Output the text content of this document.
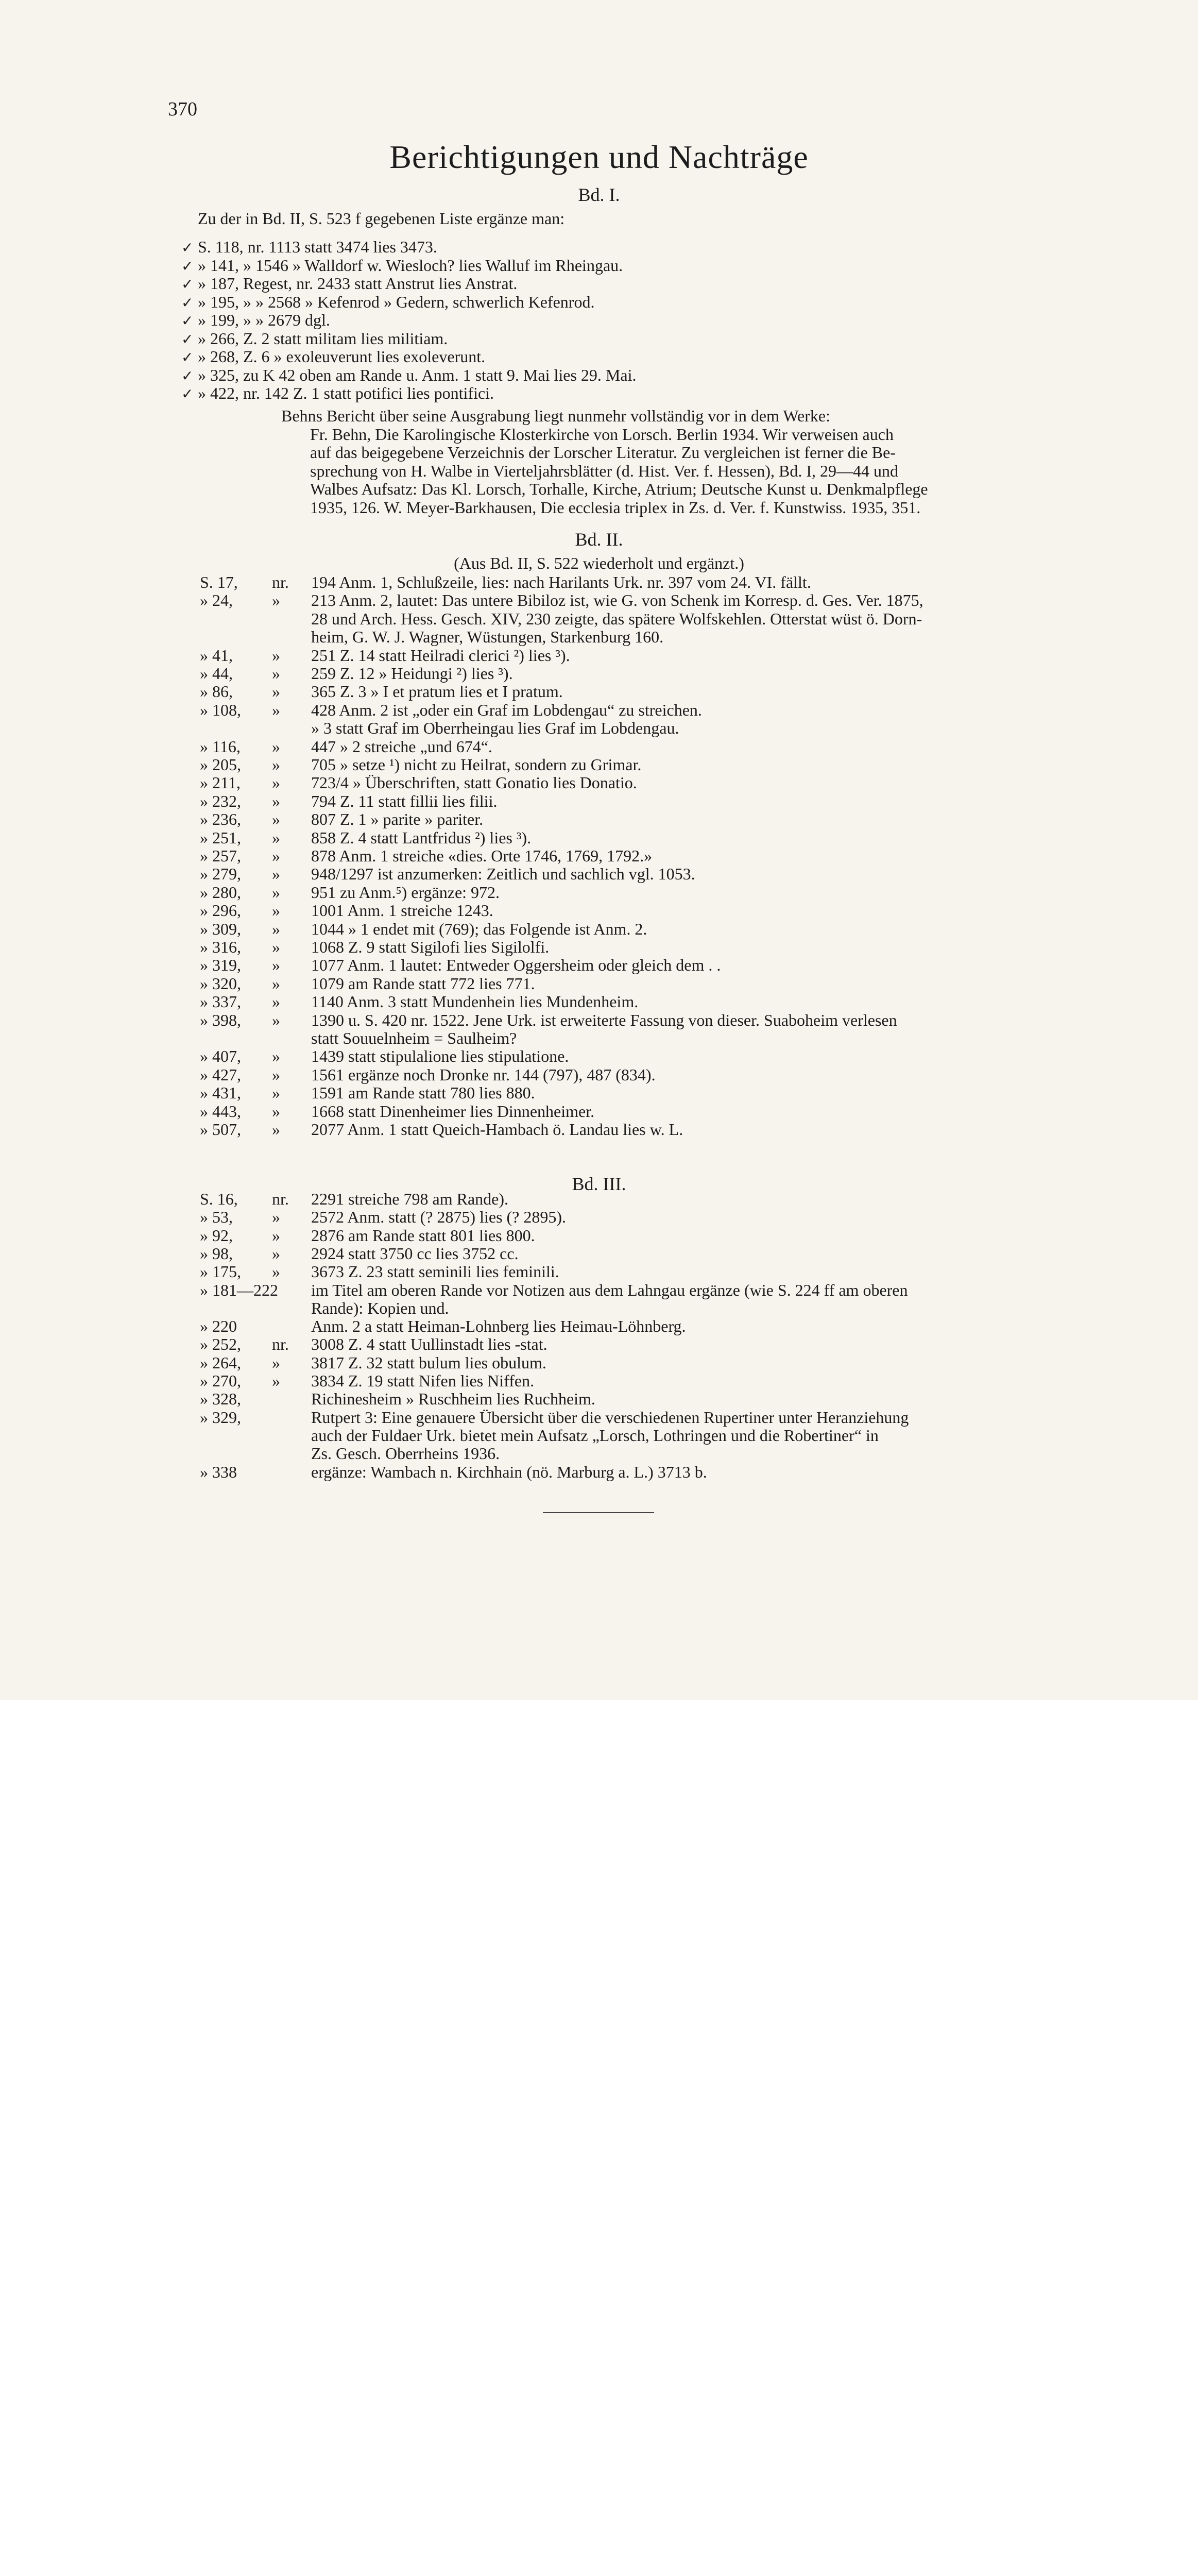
370
Berichtigungen und Nachträge
Bd. I.
Zu der in Bd. II, S. 523 f gegebenen Liste ergänze man:
✓ S. 118, nr. 1113 statt 3474 lies 3473.
✓ » 141, » 1546 » Walldorf w. Wiesloch? lies Walluf im Rheingau.
✓ » 187, Regest, nr. 2433 statt Anstrut lies Anstrat.
✓ » 195, » » 2568 » Kefenrod » Gedern, schwerlich Kefenrod.
✓ » 199, » » 2679 dgl.
✓ » 266, Z. 2 statt militam lies militiam.
✓ » 268, Z. 6 » exoleuverunt lies exoleverunt.
✓ » 325, zu K 42 oben am Rande u. Anm. 1 statt 9. Mai lies 29. Mai.
✓ » 422, nr. 142 Z. 1 statt potifici lies pontifici.
Behns Bericht über seine Ausgrabung liegt nunmehr vollständig vor in dem Werke:
Fr. Behn, Die Karolingische Klosterkirche von Lorsch. Berlin 1934. Wir verweisen auch
auf das beigegebene Verzeichnis der Lorscher Literatur. Zu vergleichen ist ferner die Be-
sprechung von H. Walbe in Vierteljahrsblätter (d. Hist. Ver. f. Hessen), Bd. I, 29—44 und
Walbes Aufsatz: Das Kl. Lorsch, Torhalle, Kirche, Atrium; Deutsche Kunst u. Denkmalpflege
1935, 126. W. Meyer-Barkhausen, Die ecclesia triplex in Zs. d. Ver. f. Kunstwiss. 1935, 351.
Bd. II.
(Aus Bd. II, S. 522 wiederholt und ergänzt.)
S. 17, nr. 194 Anm. 1, Schlußzeile, lies: nach Harilants Urk. nr. 397 vom 24. VI. fällt.
» 24, » 213 Anm. 2, lautet: Das untere Bibiloz ist, wie G. von Schenk im Korresp. d. Ges. Ver. 1875,
28 und Arch. Hess. Gesch. XIV, 230 zeigte, das spätere Wolfskehlen. Otterstat wüst ö. Dorn-
heim, G. W. J. Wagner, Wüstungen, Starkenburg 160.
» 41, » 251 Z. 14 statt Heilradi clerici ²) lies ³).
» 44, » 259 Z. 12 » Heidungi ²) lies ³).
» 86, » 365 Z. 3 » I et pratum lies et I pratum.
» 108, » 428 Anm. 2 ist „oder ein Graf im Lobdengau“ zu streichen.
» 3 statt Graf im Oberrheingau lies Graf im Lobdengau.
» 116, » 447 » 2 streiche „und 674“.
» 205, » 705 » setze ¹) nicht zu Heilrat, sondern zu Grimar.
» 211, » 723/4 » Überschriften, statt Gonatio lies Donatio.
» 232, » 794 Z. 11 statt fillii lies filii.
» 236, » 807 Z. 1 » parite » pariter.
» 251, » 858 Z. 4 statt Lantfridus ²) lies ³).
» 257, » 878 Anm. 1 streiche «dies. Orte 1746, 1769, 1792.»
» 279, » 948/1297 ist anzumerken: Zeitlich und sachlich vgl. 1053.
» 280, » 951 zu Anm.⁵) ergänze: 972.
» 296, » 1001 Anm. 1 streiche 1243.
» 309, » 1044 » 1 endet mit (769); das Folgende ist Anm. 2.
» 316, » 1068 Z. 9 statt Sigilofi lies Sigilolfi.
» 319, » 1077 Anm. 1 lautet: Entweder Oggersheim oder gleich dem . .
» 320, » 1079 am Rande statt 772 lies 771.
» 337, » 1140 Anm. 3 statt Mundenhein lies Mundenheim.
» 398, » 1390 u. S. 420 nr. 1522. Jene Urk. ist erweiterte Fassung von dieser. Suaboheim verlesen
statt Souuelnheim = Saulheim?
» 407, » 1439 statt stipulalione lies stipulatione.
» 427, » 1561 ergänze noch Dronke nr. 144 (797), 487 (834).
» 431, » 1591 am Rande statt 780 lies 880.
» 443, » 1668 statt Dinenheimer lies Dinnenheimer.
» 507, » 2077 Anm. 1 statt Queich-Hambach ö. Landau lies w. L.
Bd. III.
S. 16, nr. 2291 streiche 798 am Rande).
» 53, » 2572 Anm. statt (? 2875) lies (? 2895).
» 92, » 2876 am Rande statt 801 lies 800.
» 98, » 2924 statt 3750 cc lies 3752 cc.
» 175, » 3673 Z. 23 statt seminili lies feminili.
» 181—222 im Titel am oberen Rande vor Notizen aus dem Lahngau ergänze (wie S. 224 ff am oberen
Rande): Kopien und.
» 220	Anm. 2 a statt Heiman-Lohnberg lies Heimau-Löhnberg.
» 252, nr. 3008 Z. 4 statt Uullinstadt lies -stat.
» 264, » 3817 Z. 32 statt bulum lies obulum.
» 270, » 3834 Z. 19 statt Nifen lies Niffen.
» 328,	Richinesheim » Ruschheim lies Ruchheim.
» 329,	Rutpert 3: Eine genauere Übersicht über die verschiedenen Rupertiner unter Heranziehung
auch der Fuldaer Urk. bietet mein Aufsatz „Lorsch, Lothringen und die Robertiner“ in
Zs. Gesch. Oberrheins 1936.
» 338	ergänze: Wambach n. Kirchhain (nö. Marburg a. L.) 3713 b.
